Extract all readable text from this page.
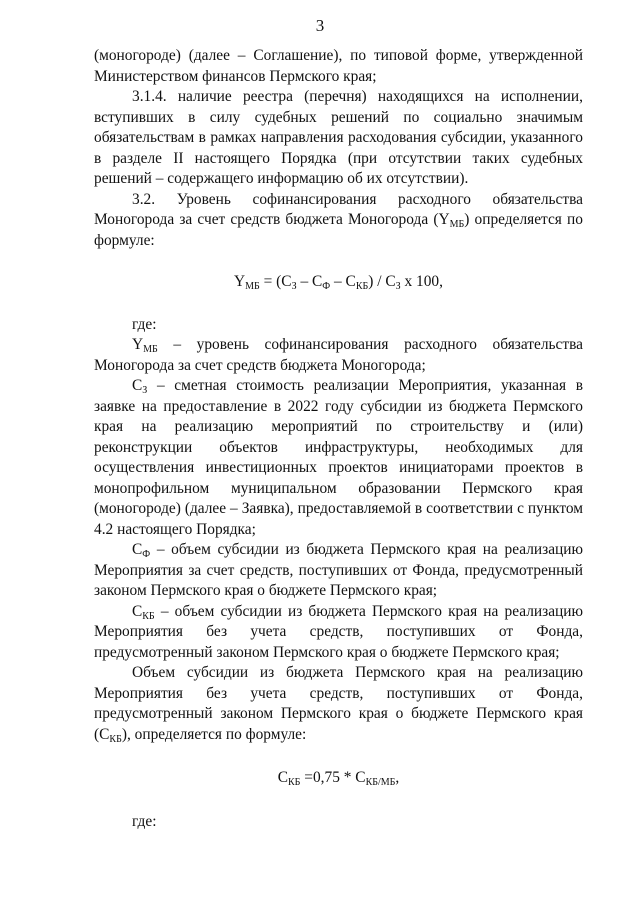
3

(моногороде) (далее – Соглашение), по типовой форме, утвержденной Министерством финансов Пермского края;

3.1.4. наличие реестра (перечня) находящихся на исполнении, вступивших в силу судебных решений по социально значимым обязательствам в рамках направления расходования субсидии, указанного в разделе II настоящего Порядка (при отсутствии таких судебных решений – содержащего информацию об их отсутствии).

3.2. Уровень софинансирования расходного обязательства Моногорода за счет средств бюджета Моногорода $(Y_{МБ})$ определяется по формуле:

$Y_{МБ} = (С_З - С_Ф - С_{КБ}) / С_З$ x 100,

где:

$Y_{МБ}$ – уровень софинансирования расходного обязательства Моногорода за счет средств бюджета Моногорода;

$С_З$ – сметная стоимость реализации Мероприятия, указанная в заявке на предоставление в 2022 году субсидии из бюджета Пермского края на реализацию мероприятий по строительству и (или) реконструкции объектов инфраструктуры, необходимых для осуществления инвестиционных проектов инициаторами проектов в монопрофильном муниципальном образовании Пермского края (моногороде) (далее – Заявка), предоставляемой в соответствии с пунктом 4.2 настоящего Порядка;

$С_Ф$ – объем субсидии из бюджета Пермского края на реализацию Мероприятия за счет средств, поступивших от Фонда, предусмотренный законом Пермского края о бюджете Пермского края;

$С_{КБ}$ – объем субсидии из бюджета Пермского края на реализацию Мероприятия без учета средств, поступивших от Фонда, предусмотренный законом Пермского края о бюджете Пермского края;

Объем субсидии из бюджета Пермского края на реализацию Мероприятия без учета средств, поступивших от Фонда, предусмотренный законом Пермского края о бюджете Пермского края $(С_{КБ})$, определяется по формуле:

$С_{КБ} =0,75 * С_{КБ/МБ}$,

где:
